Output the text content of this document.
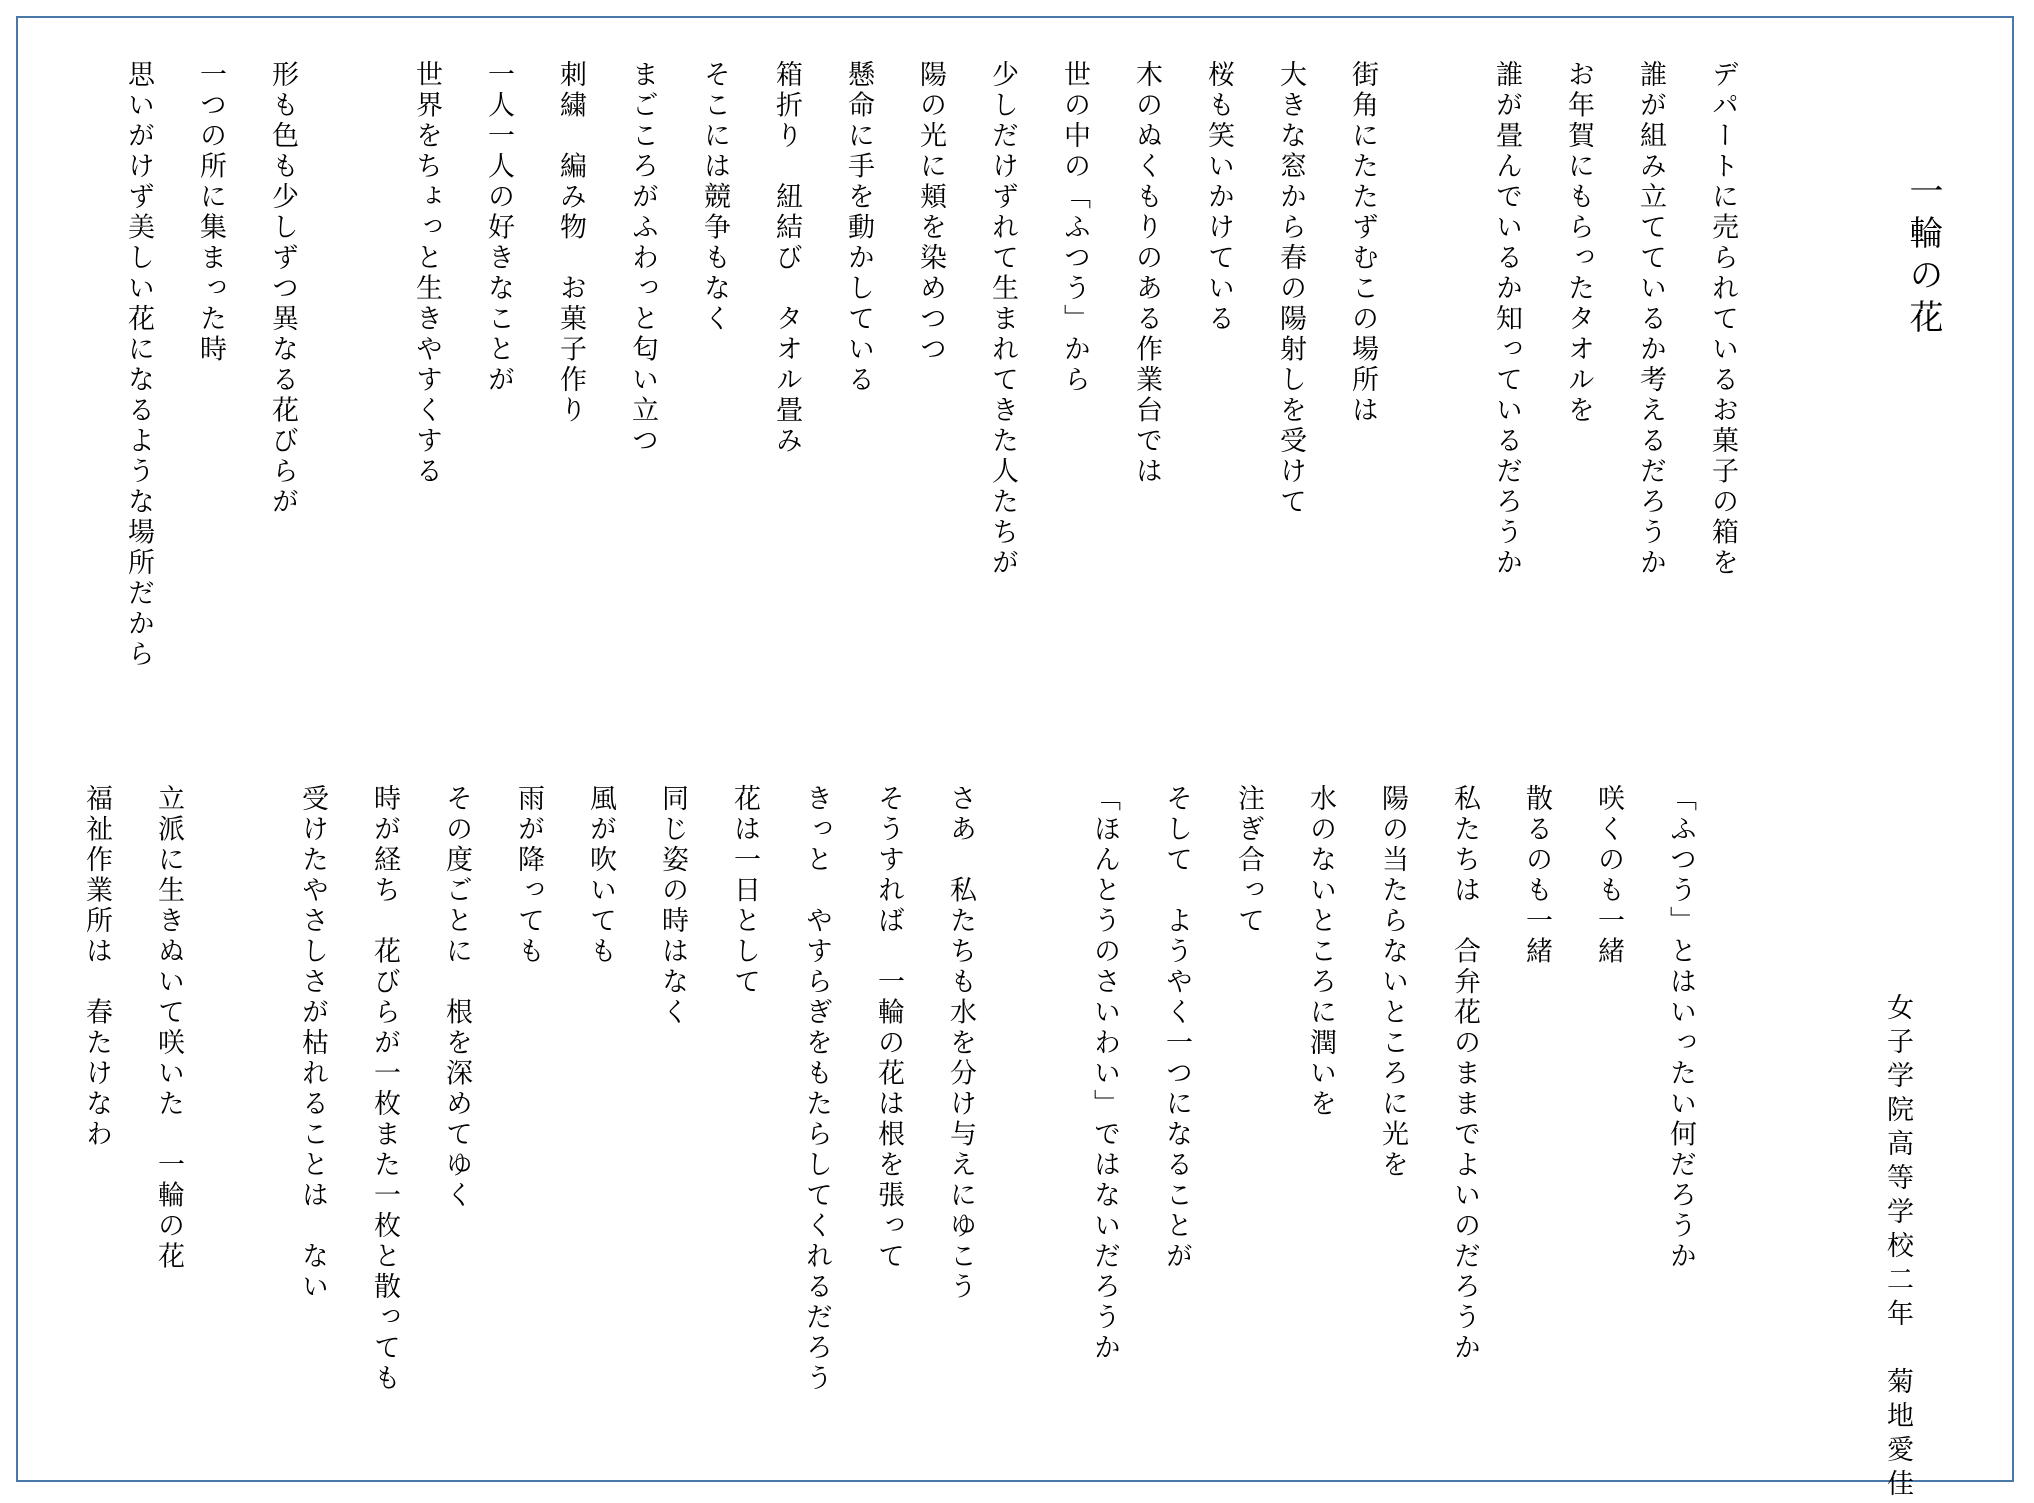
一輪の花
女子学院高等学校二年　菊地愛佳
デパートに売られているお菓子の箱を
誰が組み立てているか考えるだろうか
お年賀にもらったタオルを
誰が畳んでいるか知っているだろうか
街角にたたずむこの場所は
大きな窓から春の陽射しを受けて
桜も笑いかけている
木のぬくもりのある作業台では
世の中の「ふつう」から
少しだけずれて生まれてきた人たちが
陽の光に頬を染めつつ
懸命に手を動かしている
箱折り　紐結び　タオル畳み
そこには競争もなく
まごころがふわっと匂い立つ
刺繍　編み物　お菓子作り
一人一人の好きなことが
世界をちょっと生きやすくする
形も色も少しずつ異なる花びらが
一つの所に集まった時
思いがけず美しい花になるような場所だから
「ふつう」とはいったい何だろうか
咲くのも一緒
散るのも一緒
私たちは　合弁花のままでよいのだろうか
陽の当たらないところに光を
水のないところに潤いを
注ぎ合って
そして　ようやく一つになることが
「ほんとうのさいわい」ではないだろうか
さあ　私たちも水を分け与えにゆこう
そうすれば　一輪の花は根を張って
きっと　やすらぎをもたらしてくれるだろう
花は一日として
同じ姿の時はなく
風が吹いても
雨が降っても
その度ごとに　根を深めてゆく
時が経ち　花びらが一枚また一枚と散っても
受けたやさしさが枯れることは　ない
立派に生きぬいて咲いた　一輪の花
福祉作業所は　春たけなわ
